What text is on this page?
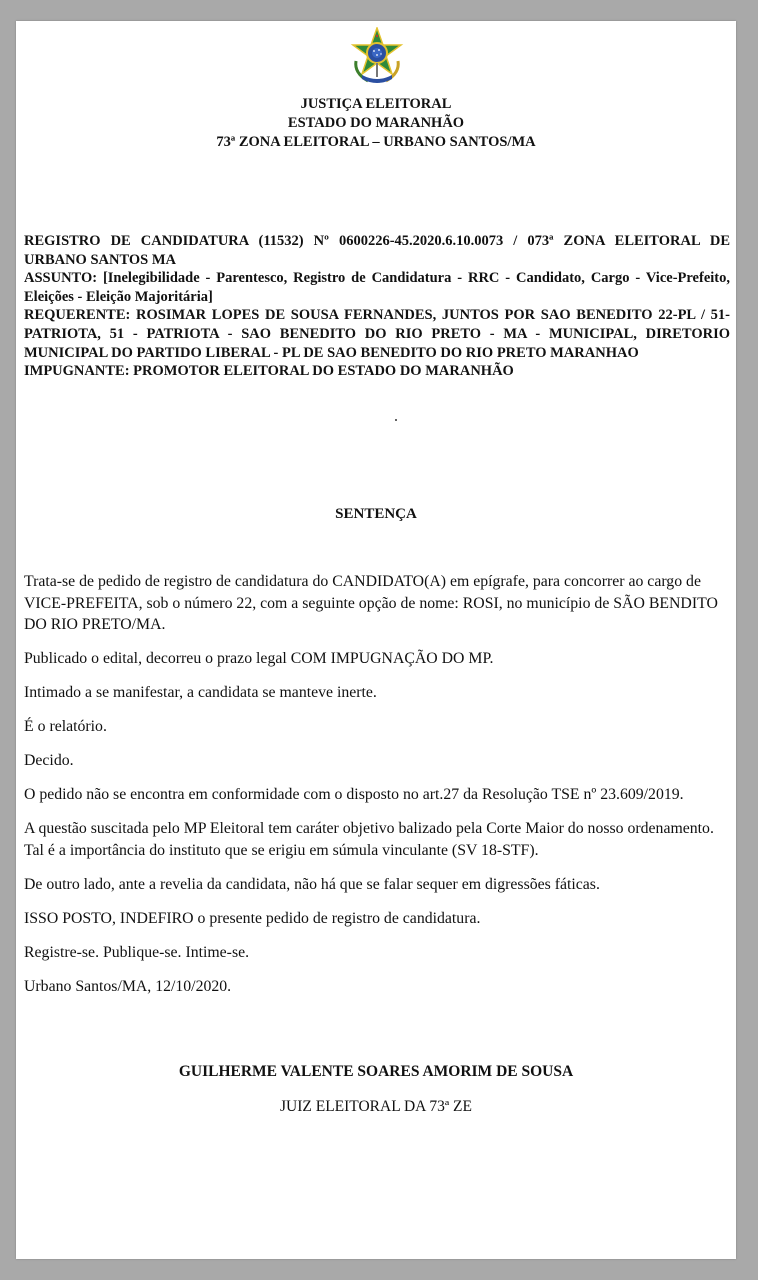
JUSTIÇA ELEITORAL
ESTADO DO MARANHÃO
73ª ZONA ELEITORAL – URBANO SANTOS/MA

REGISTRO DE CANDIDATURA (11532) Nº 0600226-45.2020.6.10.0073 / 073ª ZONA ELEITORAL DE URBANO SANTOS MA

ASSUNTO: [Inelegibilidade - Parentesco, Registro de Candidatura - RRC - Candidato, Cargo - Vice-Prefeito, Eleições - Eleição Majoritária]

REQUERENTE: ROSIMAR LOPES DE SOUSA FERNANDES, JUNTOS POR SAO BENEDITO 22-PL / 51-PATRIOTA, 51 - PATRIOTA - SAO BENEDITO DO RIO PRETO - MA - MUNICIPAL, DIRETORIO MUNICIPAL DO PARTIDO LIBERAL - PL DE SAO BENEDITO DO RIO PRETO MARANHAO

IMPUGNANTE: PROMOTOR ELEITORAL DO ESTADO DO MARANHÃO

SENTENÇA

Trata-se de pedido de registro de candidatura do CANDIDATO(A) em epígrafe, para concorrer ao cargo de VICE-PREFEITA, sob o número 22, com a seguinte opção de nome: ROSI, no município de SÃO BENDITO DO RIO PRETO/MA.

Publicado o edital, decorreu o prazo legal COM IMPUGNAÇÃO DO MP.

Intimado a se manifestar, a candidata se manteve inerte.

É o relatório.

Decido.

O pedido não se encontra em conformidade com o disposto no art.27 da Resolução TSE nº 23.609/2019.

A questão suscitada pelo MP Eleitoral tem caráter objetivo balizado pela Corte Maior do nosso ordenamento. Tal é a importância do instituto que se erigiu em súmula vinculante (SV 18-STF).

De outro lado, ante a revelia da candidata, não há que se falar sequer em digressões fáticas.

ISSO POSTO, INDEFIRO o presente pedido de registro de candidatura.

Registre-se. Publique-se. Intime-se.

Urbano Santos/MA, 12/10/2020.

GUILHERME VALENTE SOARES AMORIM DE SOUSA
JUIZ ELEITORAL DA 73ª ZE
